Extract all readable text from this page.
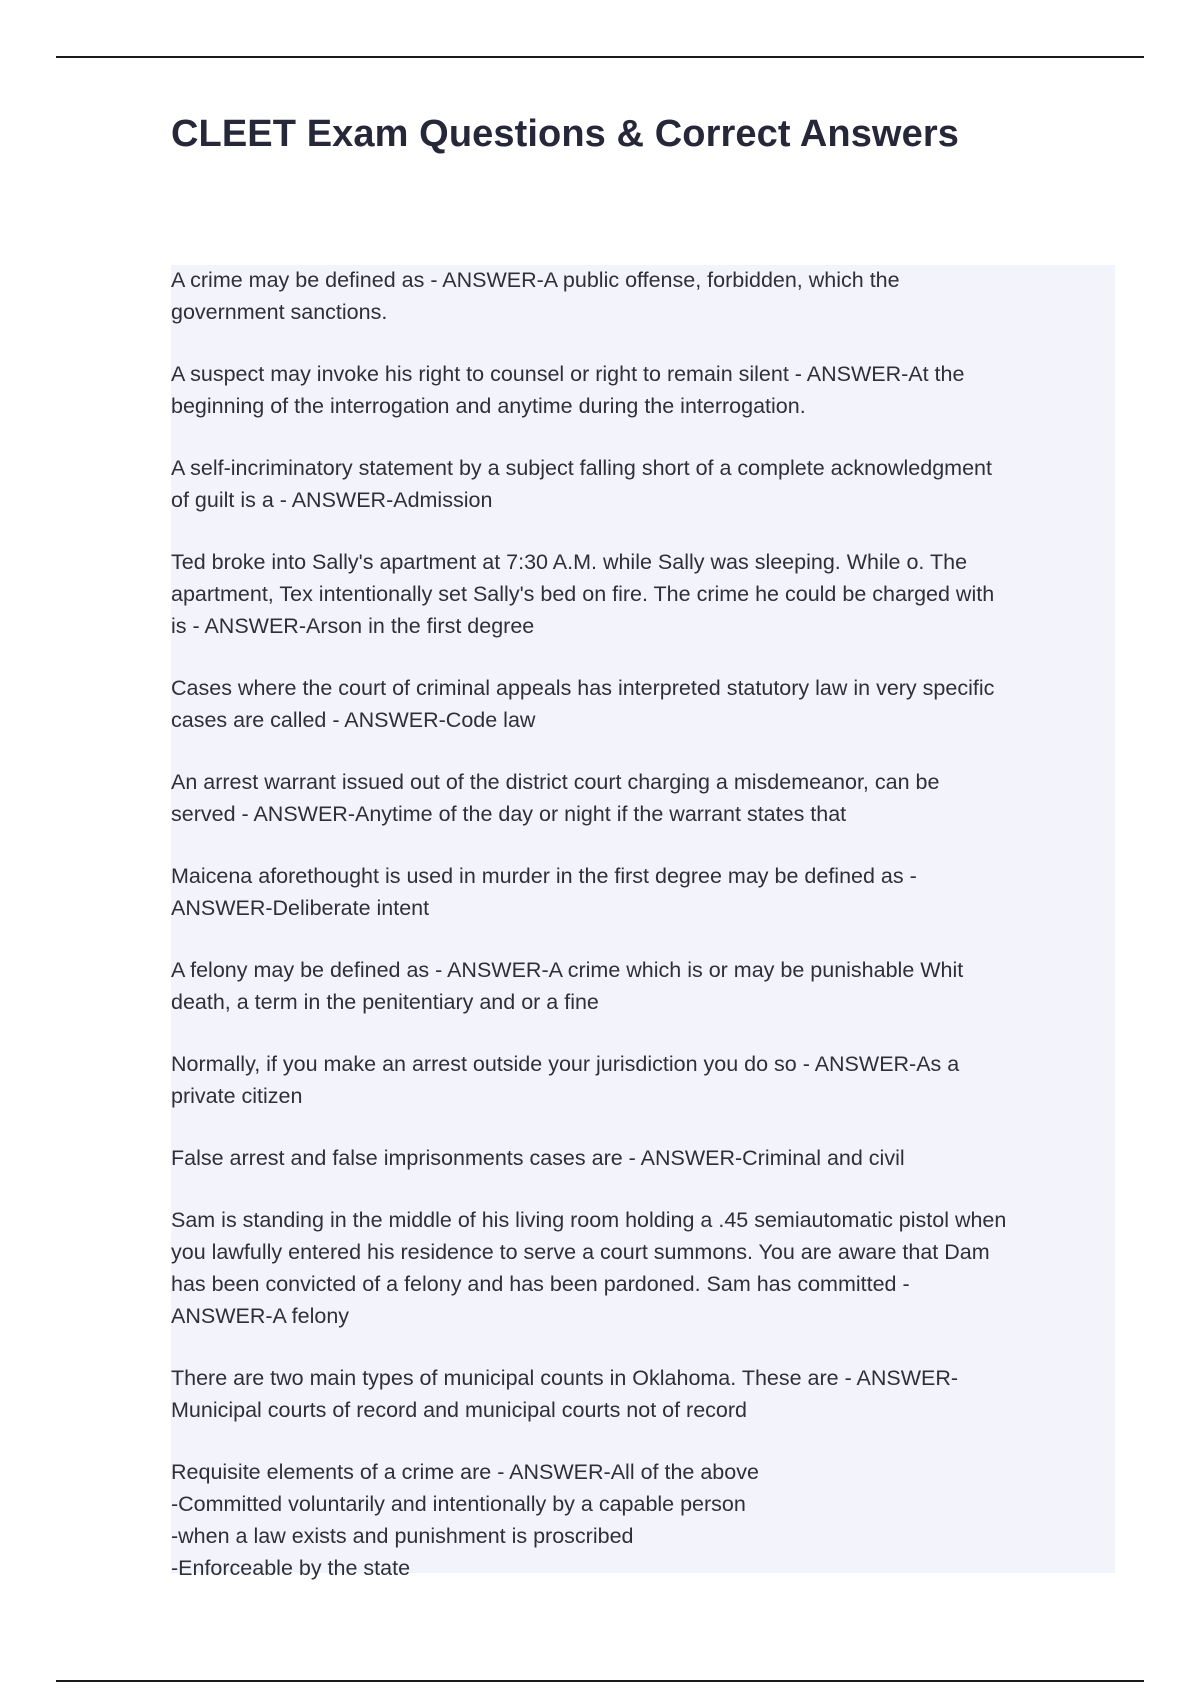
CLEET Exam Questions & Correct Answers
A crime may be defined as - ANSWER-A public offense, forbidden, which the
government sanctions.
A suspect may invoke his right to counsel or right to remain silent - ANSWER-At the
beginning of the interrogation and anytime during the interrogation.
A self-incriminatory statement by a subject falling short of a complete acknowledgment
of guilt is a - ANSWER-Admission
Ted broke into Sally's apartment at 7:30 A.M. while Sally was sleeping. While o. The
apartment, Tex intentionally set Sally's bed on fire. The crime he could be charged with
is - ANSWER-Arson in the first degree
Cases where the court of criminal appeals has interpreted statutory law in very specific
cases are called - ANSWER-Code law
An arrest warrant issued out of the district court charging a misdemeanor, can be
served - ANSWER-Anytime of the day or night if the warrant states that
Maicena aforethought is used in murder in the first degree may be defined as -
ANSWER-Deliberate intent
A felony may be defined as - ANSWER-A crime which is or may be punishable Whit
death, a term in the penitentiary and or a fine
Normally, if you make an arrest outside your jurisdiction you do so - ANSWER-As a
private citizen
False arrest and false imprisonments cases are - ANSWER-Criminal and civil
Sam is standing in the middle of his living room holding a .45 semiautomatic pistol when
you lawfully entered his residence to serve a court summons. You are aware that Dam
has been convicted of a felony and has been pardoned. Sam has committed -
ANSWER-A felony
There are two main types of municipal counts in Oklahoma. These are - ANSWER-
Municipal courts of record and municipal courts not of record
Requisite elements of a crime are - ANSWER-All of the above
-Committed voluntarily and intentionally by a capable person
-when a law exists and punishment is proscribed
-Enforceable by the state
